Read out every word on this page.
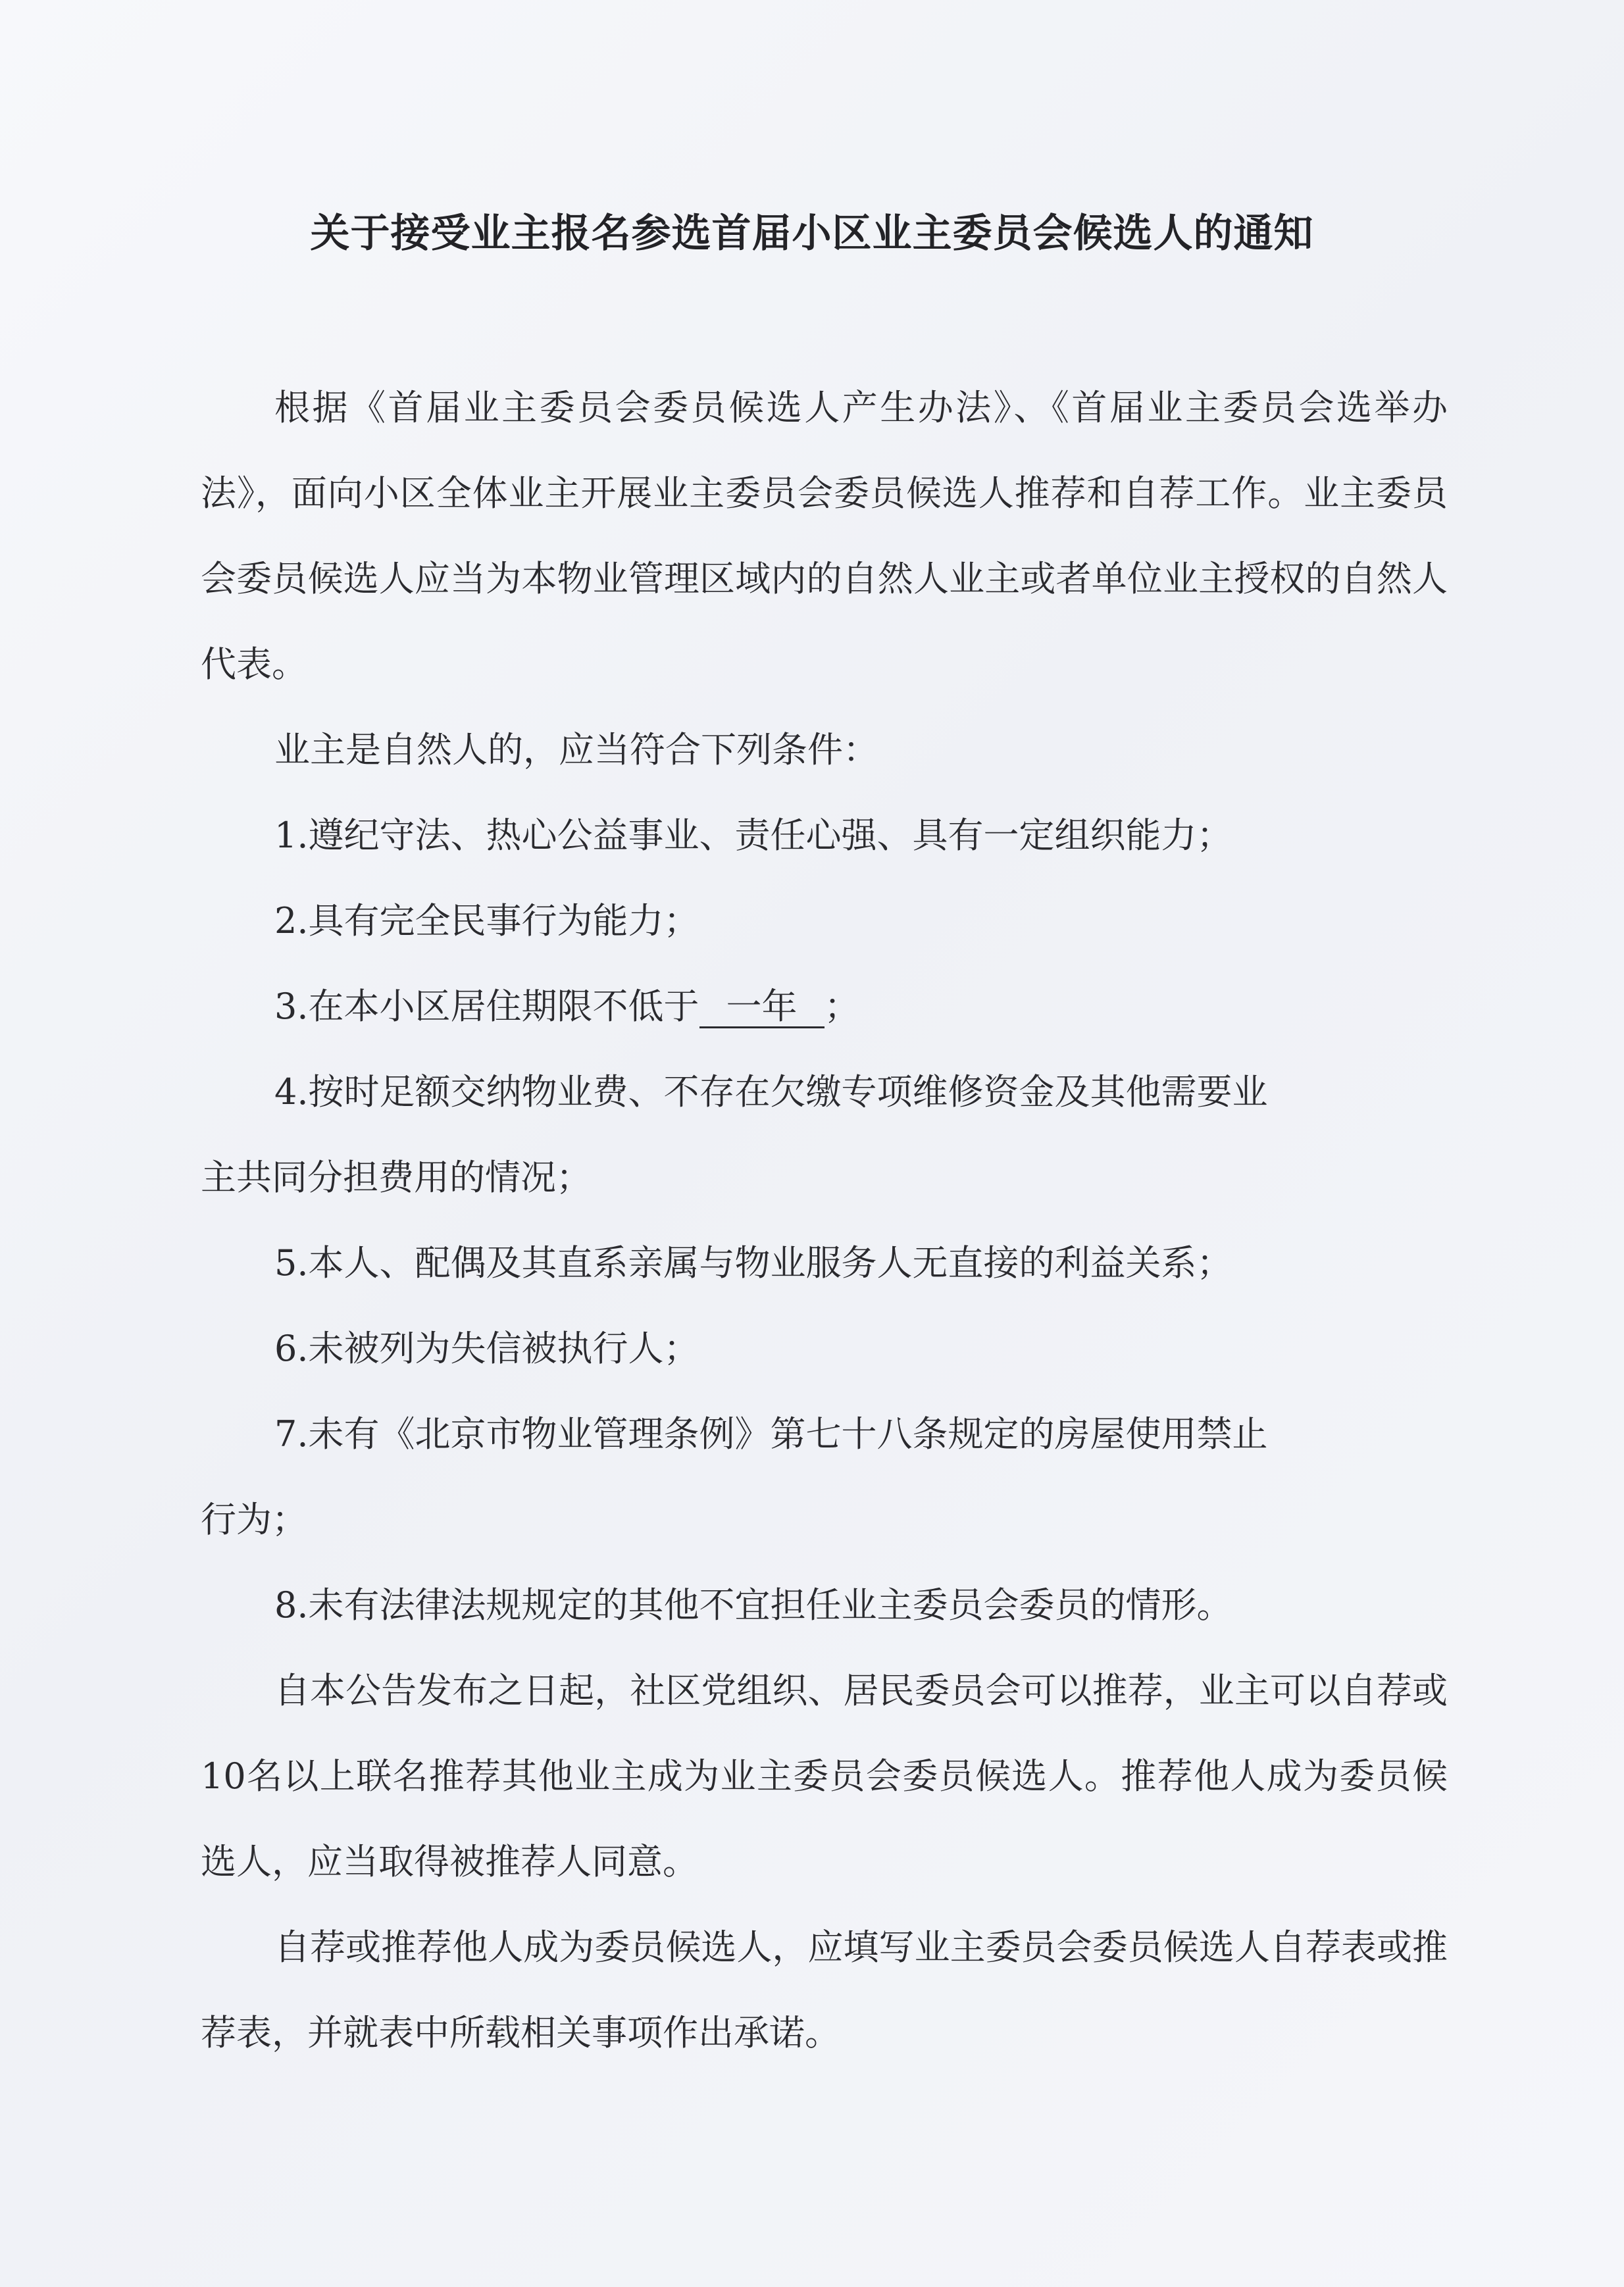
关于接受业主报名参选首届小区业主委员会候选人的通知

根据《首届业主委员会委员候选人产生办法》、《首届业主委员会选举办法》，面向小区全体业主开展业主委员会委员候选人推荐和自荐工作。业主委员会委员候选人应当为本物业管理区域内的自然人业主或者单位业主授权的自然人代表。

业主是自然人的，应当符合下列条件：

1.遵纪守法、热心公益事业、责任心强、具有一定组织能力；

2.具有完全民事行为能力；

3.在本小区居住期限不低于 一年 ；

4.按时足额交纳物业费、不存在欠缴专项维修资金及其他需要业主共同分担费用的情况；

5.本人、配偶及其直系亲属与物业服务人无直接的利益关系；

6.未被列为失信被执行人；

7.未有《北京市物业管理条例》第七十八条规定的房屋使用禁止行为；

8.未有法律法规规定的其他不宜担任业主委员会委员的情形。

自本公告发布之日起，社区党组织、居民委员会可以推荐，业主可以自荐或10名以上联名推荐其他业主成为业主委员会委员候选人。推荐他人成为委员候选人，应当取得被推荐人同意。

自荐或推荐他人成为委员候选人，应填写业主委员会委员候选人自荐表或推荐表，并就表中所载相关事项作出承诺。
